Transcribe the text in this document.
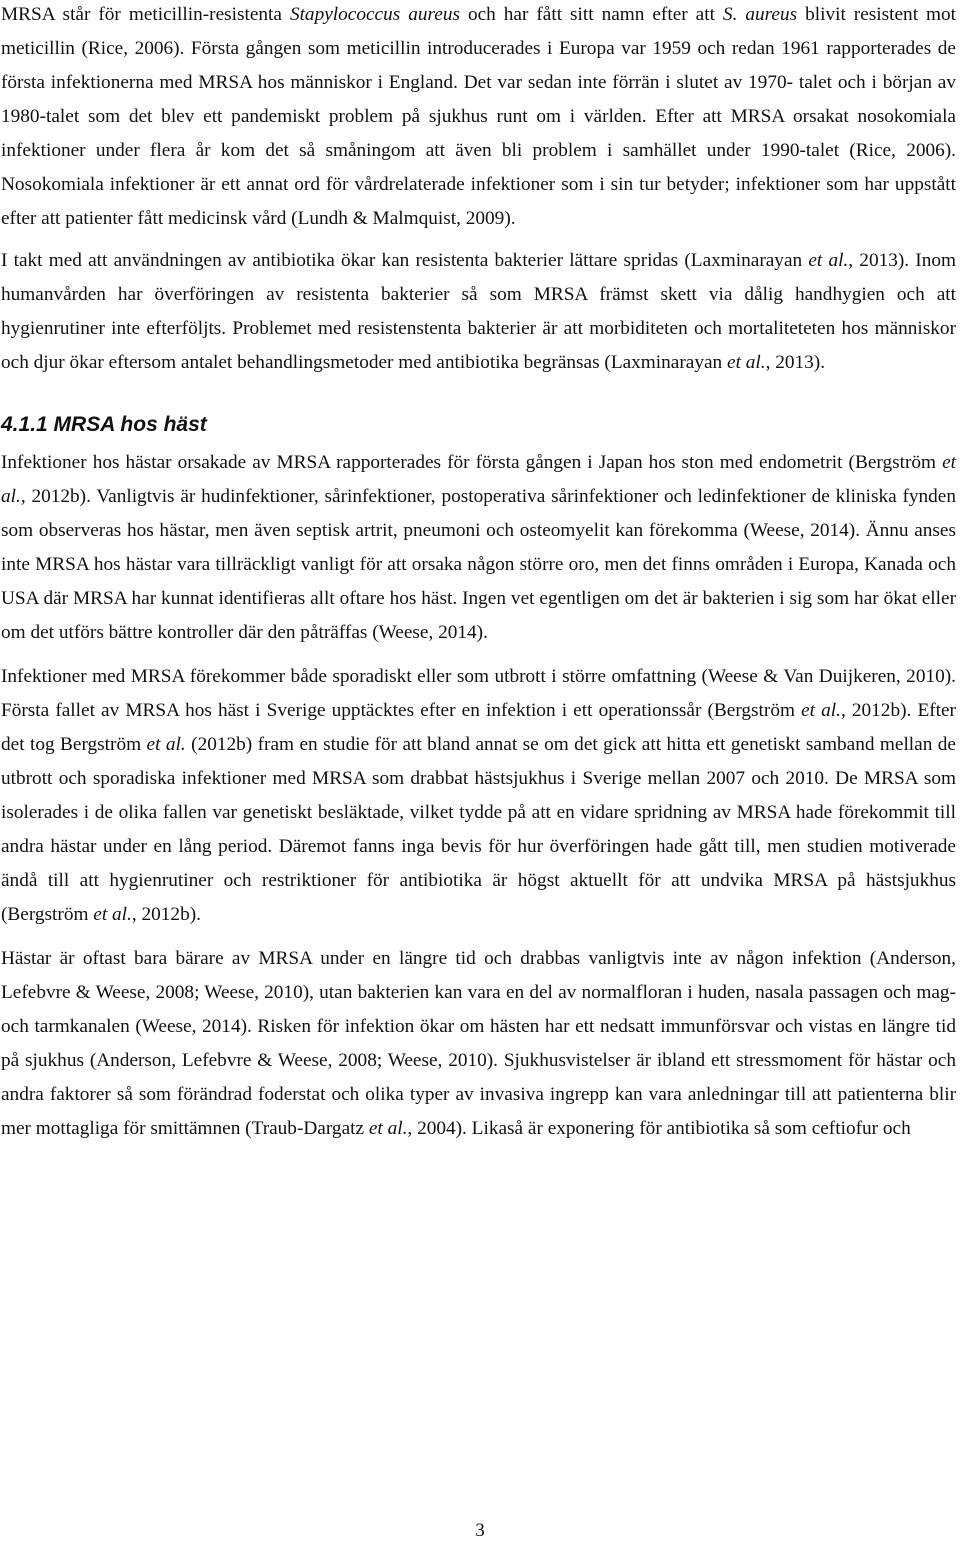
MRSA står för meticillin-resistenta Stapylococcus aureus och har fått sitt namn efter att S. aureus blivit resistent mot meticillin (Rice, 2006). Första gången som meticillin introducerades i Europa var 1959 och redan 1961 rapporterades de första infektionerna med MRSA hos människor i England. Det var sedan inte förrän i slutet av 1970- talet och i början av 1980-talet som det blev ett pandemiskt problem på sjukhus runt om i världen. Efter att MRSA orsakat nosokomiala infektioner under flera år kom det så småningom att även bli problem i samhället under 1990-talet (Rice, 2006). Nosokomiala infektioner är ett annat ord för vårdrelaterade infektioner som i sin tur betyder; infektioner som har uppstått efter att patienter fått medicinsk vård (Lundh & Malmquist, 2009).

I takt med att användningen av antibiotika ökar kan resistenta bakterier lättare spridas (Laxminarayan et al., 2013). Inom humanvården har överföringen av resistenta bakterier så som MRSA främst skett via dålig handhygien och att hygienrutiner inte efterföljts. Problemet med resistenstenta bakterier är att morbiditeten och mortaliteteten hos människor och djur ökar eftersom antalet behandlingsmetoder med antibiotika begränsas (Laxminarayan et al., 2013).

4.1.1 MRSA hos häst

Infektioner hos hästar orsakade av MRSA rapporterades för första gången i Japan hos ston med endometrit (Bergström et al., 2012b). Vanligtvis är hudinfektioner, sårinfektioner, postoperativa sårinfektioner och ledinfektioner de kliniska fynden som observeras hos hästar, men även septisk artrit, pneumoni och osteomyelit kan förekomma (Weese, 2014). Ännu anses inte MRSA hos hästar vara tillräckligt vanligt för att orsaka någon större oro, men det finns områden i Europa, Kanada och USA där MRSA har kunnat identifieras allt oftare hos häst. Ingen vet egentligen om det är bakterien i sig som har ökat eller om det utförs bättre kontroller där den påträffas (Weese, 2014).

Infektioner med MRSA förekommer både sporadiskt eller som utbrott i större omfattning (Weese & Van Duijkeren, 2010). Första fallet av MRSA hos häst i Sverige upptäcktes efter en infektion i ett operationssår (Bergström et al., 2012b). Efter det tog Bergström et al. (2012b) fram en studie för att bland annat se om det gick att hitta ett genetiskt samband mellan de utbrott och sporadiska infektioner med MRSA som drabbat hästsjukhus i Sverige mellan 2007 och 2010. De MRSA som isolerades i de olika fallen var genetiskt besläktade, vilket tydde på att en vidare spridning av MRSA hade förekommit till andra hästar under en lång period. Däremot fanns inga bevis för hur överföringen hade gått till, men studien motiverade ändå till att hygienrutiner och restriktioner för antibiotika är högst aktuellt för att undvika MRSA på hästsjukhus (Bergström et al., 2012b).

Hästar är oftast bara bärare av MRSA under en längre tid och drabbas vanligtvis inte av någon infektion (Anderson, Lefebvre & Weese, 2008; Weese, 2010), utan bakterien kan vara en del av normalfloran i huden, nasala passagen och mag- och tarmkanalen (Weese, 2014). Risken för infektion ökar om hästen har ett nedsatt immunförsvar och vistas en längre tid på sjukhus (Anderson, Lefebvre & Weese, 2008; Weese, 2010). Sjukhusvistelser är ibland ett stressmoment för hästar och andra faktorer så som förändrad foderstat och olika typer av invasiva ingrepp kan vara anledningar till att patienterna blir mer mottagliga för smittämnen (Traub-Dargatz et al., 2004). Likaså är exponering för antibiotika så som ceftiofur och

3
